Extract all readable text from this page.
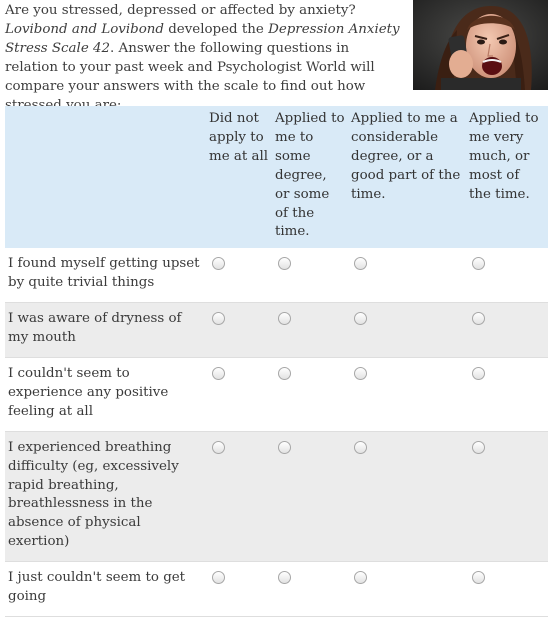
Are you stressed, depressed or affected by anxiety? Lovibond and Lovibond developed the Depression Anxiety Stress Scale 42. Answer the following questions in relation to your past week and Psychologist World will compare your answers with the scale to find out how

	Did not apply to me at all	Applied to me to some degree, or some of the time.	Applied to me a considerable degree, or a good part of the time.	Applied to me very much, or most of the time.
I found myself getting upset by quite trivial things				
I was aware of dryness of my mouth				
I couldn't seem to experience any positive feeling at all				
I experienced breathing difficulty (eg, excessively rapid breathing, breathlessness in the absence of physical exertion)				
I just couldn't seem to get going				
